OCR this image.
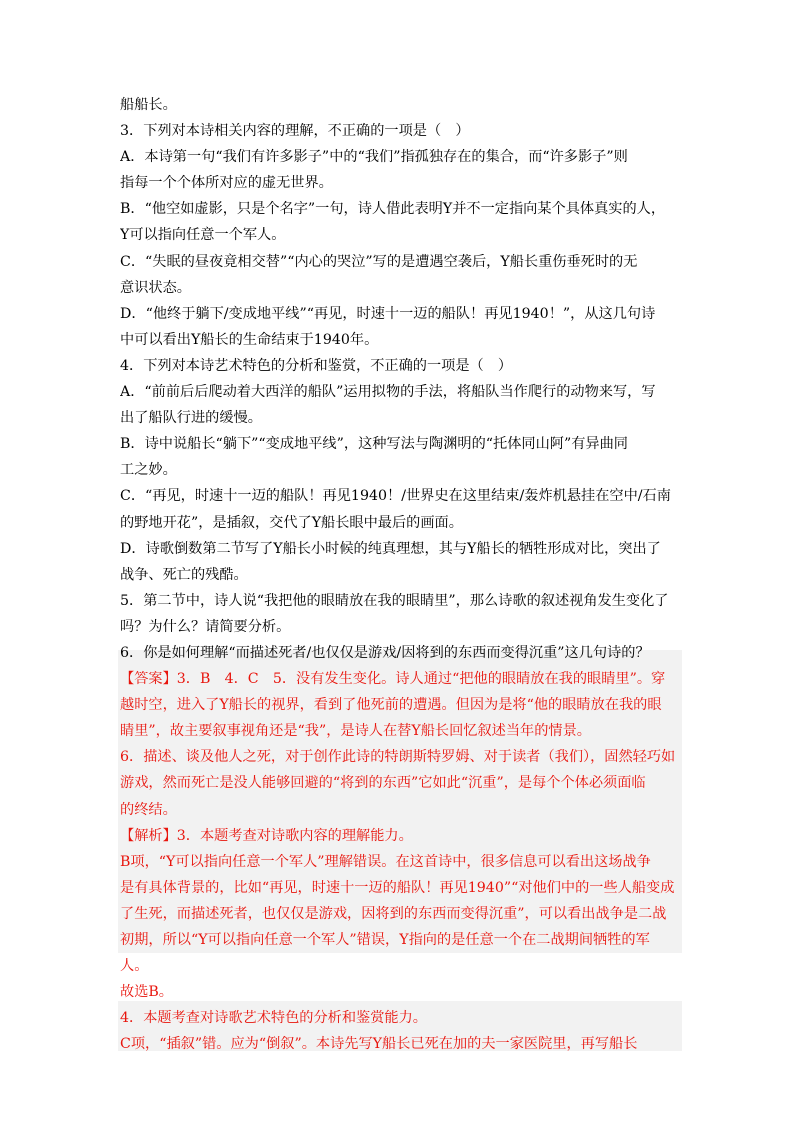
船船长。
3．下列对本诗相关内容的理解，不正确的一项是（　）
A．本诗第一句“我们有许多影子”中的“我们”指孤独存在的集合，而“许多影子”则
指每一个个体所对应的虚无世界。
B．“他空如虚影，只是个名字”一句，诗人借此表明Y并不一定指向某个具体真实的人，
Y可以指向任意一个军人。
C．“失眠的昼夜竟相交替”“内心的哭泣”写的是遭遇空袭后，Y船长重伤垂死时的无
意识状态。
D．“他终于躺下/变成地平线”“再见，时速十一迈的船队！再见1940！”，从这几句诗
中可以看出Y船长的生命结束于1940年。
4．下列对本诗艺术特色的分析和鉴赏，不正确的一项是（　）
A．“前前后后爬动着大西洋的船队”运用拟物的手法，将船队当作爬行的动物来写，写
出了船队行进的缓慢。
B．诗中说船长“躺下”“变成地平线”，这种写法与陶渊明的“托体同山阿”有异曲同
工之妙。
C．“再见，时速十一迈的船队！再见1940！/世界史在这里结束/轰炸机悬挂在空中/石南
的野地开花”，是插叙，交代了Y船长眼中最后的画面。
D．诗歌倒数第二节写了Y船长小时候的纯真理想，其与Y船长的牺牲形成对比，突出了
战争、死亡的残酷。
5．第二节中，诗人说“我把他的眼睛放在我的眼睛里”，那么诗歌的叙述视角发生变化了
吗？为什么？请简要分析。
6．你是如何理解“而描述死者/也仅仅是游戏/因将到的东西而变得沉重”这几句诗的？
【答案】3．B　4．C　5．没有发生变化。诗人通过“把他的眼睛放在我的眼睛里”。穿
越时空，进入了Y船长的视界，看到了他死前的遭遇。但因为是将“他的眼睛放在我的眼
睛里”，故主要叙事视角还是“我”，是诗人在替Y船长回忆叙述当年的情景。
6．描述、谈及他人之死，对于创作此诗的特朗斯特罗姆、对于读者（我们），固然轻巧如
游戏，然而死亡是没人能够回避的“将到的东西”它如此“沉重”，是每个个体必须面临
的终结。
【解析】3．本题考查对诗歌内容的理解能力。
B项，“Y可以指向任意一个军人”理解错误。在这首诗中，很多信息可以看出这场战争
是有具体背景的，比如“再见，时速十一迈的船队！再见1940”“对他们中的一些人船变成
了生死，而描述死者，也仅仅是游戏，因将到的东西而变得沉重”，可以看出战争是二战
初期，所以“Y可以指向任意一个军人”错误，Y指向的是任意一个在二战期间牺牲的军
人。
故选B。
4．本题考查对诗歌艺术特色的分析和鉴赏能力。
C项，“插叙”错。应为“倒叙”。本诗先写Y船长已死在加的夫一家医院里，再写船长
